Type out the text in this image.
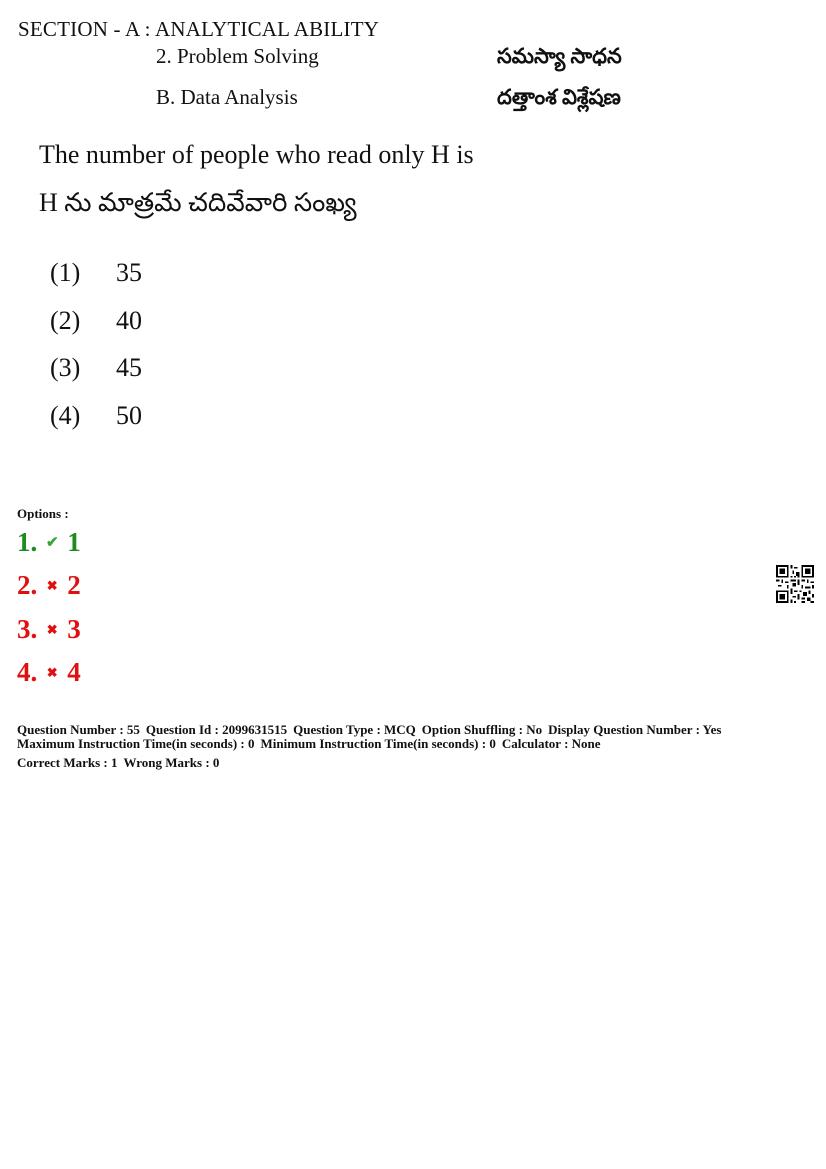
SECTION - A : ANALYTICAL ABILITY
2. Problem Solving	సమస్యా సాధన
B. Data Analysis	దత్తాంశ విశ్లేషణ
The number of people who read only H is
H ను మాత్రమే చదివేవారి సంఖ్య
(1) 35
(2) 40
(3) 45
(4) 50
Options :
1. ✔ 1
2. ✖ 2
3. ✖ 3
4. ✖ 4
Question Number : 55 Question Id : 2099631515 Question Type : MCQ Option Shuffling : No Display Question Number : Yes
Maximum Instruction Time(in seconds) : 0 Minimum Instruction Time(in seconds) : 0 Calculator : None
Correct Marks : 1 Wrong Marks : 0
